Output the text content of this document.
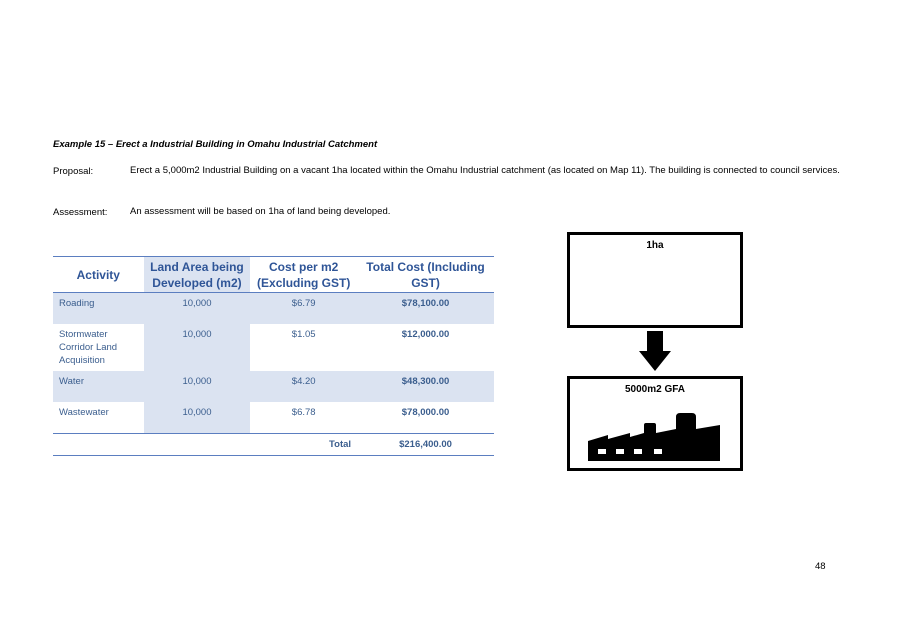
Example 15 – Erect a Industrial Building in Omahu Industrial Catchment
Proposal:	Erect a 5,000m2 Industrial Building on a vacant 1ha located within the Omahu Industrial catchment (as located on Map 11). The building is connected to council services.
Assessment: An assessment will be based on 1ha of land being developed.
Activity	Land Area being Developed (m2)	Cost per m2 (Excluding GST)	Total Cost (Including GST)
Roading	10,000	$6.79	$78,100.00
Stormwater Corridor Land Acquisition	10,000	$1.05	$12,000.00
Water	10,000	$4.20	$48,300.00
Wastewater	10,000	$6.78	$78,000.00
		Total	$216,400.00
1ha
5000m2 GFA
48
